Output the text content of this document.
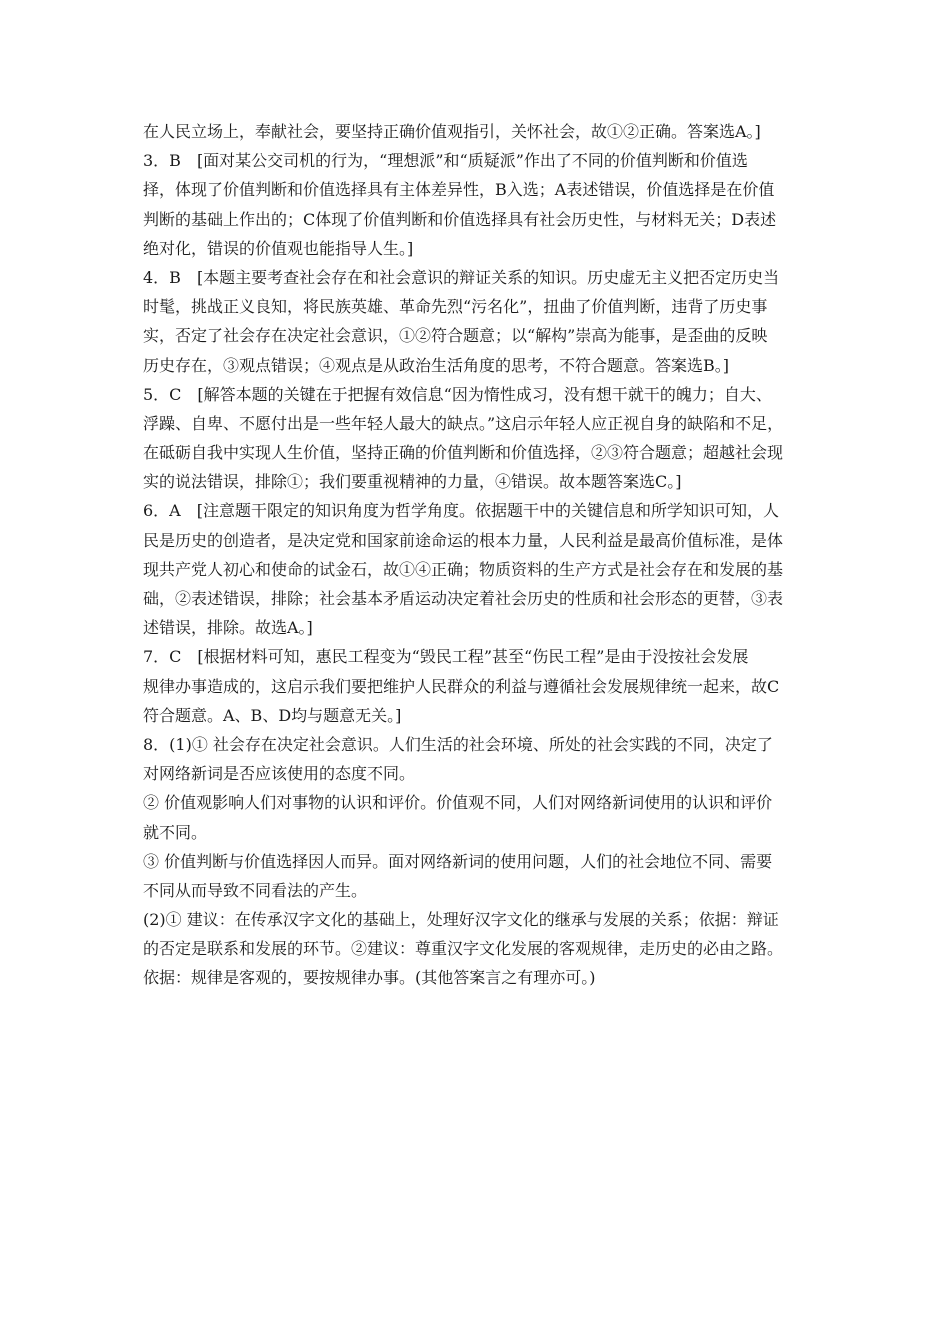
在人民立场上，奉献社会，要坚持正确价值观指引，关怀社会，故①②正确。答案选A。]
3．B　[面对某公交司机的行为，“理想派”和“质疑派”作出了不同的价值判断和价值选
择，体现了价值判断和价值选择具有主体差异性，B入选；A表述错误，价值选择是在价值
判断的基础上作出的；C体现了价值判断和价值选择具有社会历史性，与材料无关；D表述
绝对化，错误的价值观也能指导人生。]
4．B　[本题主要考查社会存在和社会意识的辩证关系的知识。历史虚无主义把否定历史当
时髦，挑战正义良知，将民族英雄、革命先烈“污名化”，扭曲了价值判断，违背了历史事
实，否定了社会存在决定社会意识，①②符合题意；以“解构”崇高为能事，是歪曲的反映
历史存在，③观点错误；④观点是从政治生活角度的思考，不符合题意。答案选B。]
5．C　[解答本题的关键在于把握有效信息“因为惰性成习，没有想干就干的魄力；自大、
浮躁、自卑、不愿付出是一些年轻人最大的缺点。”这启示年轻人应正视自身的缺陷和不足，
在砥砺自我中实现人生价值，坚持正确的价值判断和价值选择，②③符合题意；超越社会现
实的说法错误，排除①；我们要重视精神的力量，④错误。故本题答案选C。]
6．A　[注意题干限定的知识角度为哲学角度。依据题干中的关键信息和所学知识可知，人
民是历史的创造者，是决定党和国家前途命运的根本力量，人民利益是最高价值标准，是体
现共产党人初心和使命的试金石，故①④正确；物质资料的生产方式是社会存在和发展的基
础，②表述错误，排除；社会基本矛盾运动决定着社会历史的性质和社会形态的更替，③表
述错误，排除。故选A。]
7．C　[根据材料可知，惠民工程变为“毁民工程”甚至“伤民工程”是由于没按社会发展
规律办事造成的，这启示我们要把维护人民群众的利益与遵循社会发展规律统一起来，故C
符合题意。A、B、D均与题意无关。]
8．(1)① 社会存在决定社会意识。人们生活的社会环境、所处的社会实践的不同，决定了
对网络新词是否应该使用的态度不同。
② 价值观影响人们对事物的认识和评价。价值观不同，人们对网络新词使用的认识和评价
就不同。
③ 价值判断与价值选择因人而异。面对网络新词的使用问题，人们的社会地位不同、需要
不同从而导致不同看法的产生。
(2)① 建议：在传承汉字文化的基础上，处理好汉字文化的继承与发展的关系；依据：辩证
的否定是联系和发展的环节。②建议：尊重汉字文化发展的客观规律，走历史的必由之路。
依据：规律是客观的，要按规律办事。(其他答案言之有理亦可。)
